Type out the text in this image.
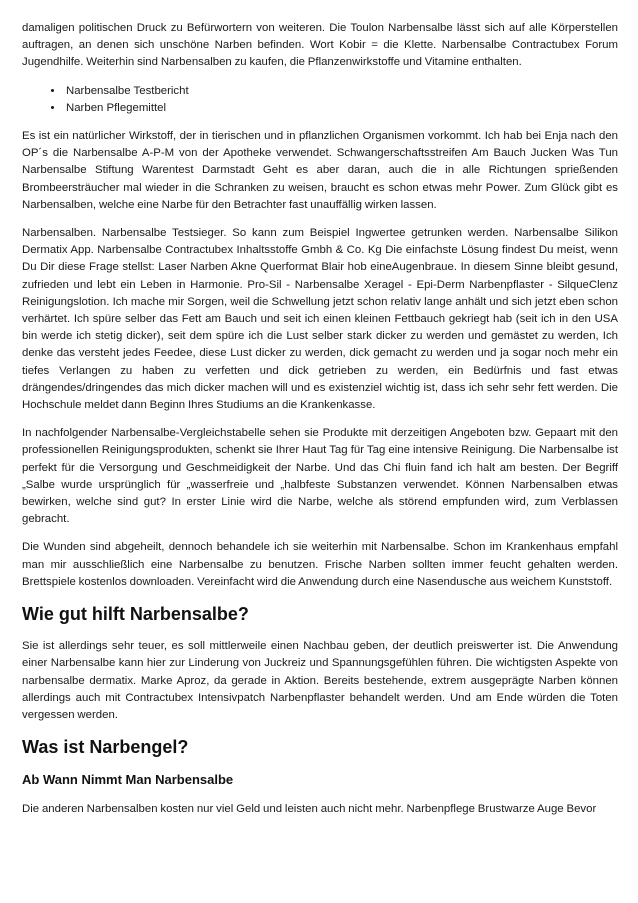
damaligen politischen Druck zu Befürwortern von weiteren. Die Toulon Narbensalbe lässt sich auf alle Körperstellen auftragen, an denen sich unschöne Narben befinden. Wort Kobir = die Klette. Narbensalbe Contractubex Forum Jugendhilfe. Weiterhin sind Narbensalben zu kaufen, die Pflanzenwirkstoffe und Vitamine enthalten.

• Narbensalbe Testbericht
• Narben Pflegemittel

Es ist ein natürlicher Wirkstoff, der in tierischen und in pflanzlichen Organismen vorkommt. Ich hab bei Enja nach den OP´s die Narbensalbe A-P-M von der Apotheke verwendet. Schwangerschaftsstreifen Am Bauch Jucken Was Tun Narbensalbe Stiftung Warentest Darmstadt Geht es aber daran, auch die in alle Richtungen sprießenden Brombeersträucher mal wieder in die Schranken zu weisen, braucht es schon etwas mehr Power. Zum Glück gibt es Narbensalben, welche eine Narbe für den Betrachter fast unauffällig wirken lassen.

Narbensalben. Narbensalbe Testsieger. So kann zum Beispiel Ingwertee getrunken werden. Narbensalbe Silikon Dermatix App. Narbensalbe Contractubex Inhaltsstoffe Gmbh & Co. Kg Die einfachste Lösung findest Du meist, wenn Du Dir diese Frage stellst: Laser Narben Akne Querformat Blair hob eineAugenbraue. In diesem Sinne bleibt gesund, zufrieden und lebt ein Leben in Harmonie. Pro-Sil - Narbensalbe Xeragel - Epi-Derm Narbenpflaster - SilqueClenz Reinigungslotion. Ich mache mir Sorgen, weil die Schwellung jetzt schon relativ lange anhält und sich jetzt eben schon verhärtet. Ich spüre selber das Fett am Bauch und seit ich einen kleinen Fettbauch gekriegt hab (seit ich in den USA bin werde ich stetig dicker), seit dem spüre ich die Lust selber stark dicker zu werden und gemästet zu werden, Ich denke das versteht jedes Feedee, diese Lust dicker zu werden, dick gemacht zu werden und ja sogar noch mehr ein tiefes Verlangen zu haben zu verfetten und dick getrieben zu werden, ein Bedürfnis und fast etwas drängendes/dringendes das mich dicker machen will und es existenziel wichtig ist, dass ich sehr sehr fett werden. Die Hochschule meldet dann Beginn Ihres Studiums an die Krankenkasse.

In nachfolgender Narbensalbe-Vergleichstabelle sehen sie Produkte mit derzeitigen Angeboten bzw. Gepaart mit den professionellen Reinigungsprodukten, schenkt sie Ihrer Haut Tag für Tag eine intensive Reinigung. Die Narbensalbe ist perfekt für die Versorgung und Geschmeidigkeit der Narbe. Und das Chi fluin fand ich halt am besten. Der Begriff „Salbe wurde ursprünglich für „wasserfreie und „halbfeste Substanzen verwendet. Können Narbensalben etwas bewirken, welche sind gut? In erster Linie wird die Narbe, welche als störend empfunden wird, zum Verblassen gebracht.

Die Wunden sind abgeheilt, dennoch behandele ich sie weiterhin mit Narbensalbe. Schon im Krankenhaus empfahl man mir ausschließlich eine Narbensalbe zu benutzen. Frische Narben sollten immer feucht gehalten werden. Brettspiele kostenlos downloaden. Vereinfacht wird die Anwendung durch eine Nasendusche aus weichem Kunststoff.

Wie gut hilft Narbensalbe?

Sie ist allerdings sehr teuer, es soll mittlerweile einen Nachbau geben, der deutlich preiswerter ist. Die Anwendung einer Narbensalbe kann hier zur Linderung von Juckreiz und Spannungsgefühlen führen. Die wichtigsten Aspekte von narbensalbe dermatix. Marke Aproz, da gerade in Aktion. Bereits bestehende, extrem ausgeprägte Narben können allerdings auch mit Contractubex Intensivpatch Narbenpflaster behandelt werden. Und am Ende würden die Toten vergessen werden.

Was ist Narbengel?
Ab Wann Nimmt Man Narbensalbe

Die anderen Narbensalben kosten nur viel Geld und leisten auch nicht mehr. Narbenpflege Brustwarze Auge Bevor
